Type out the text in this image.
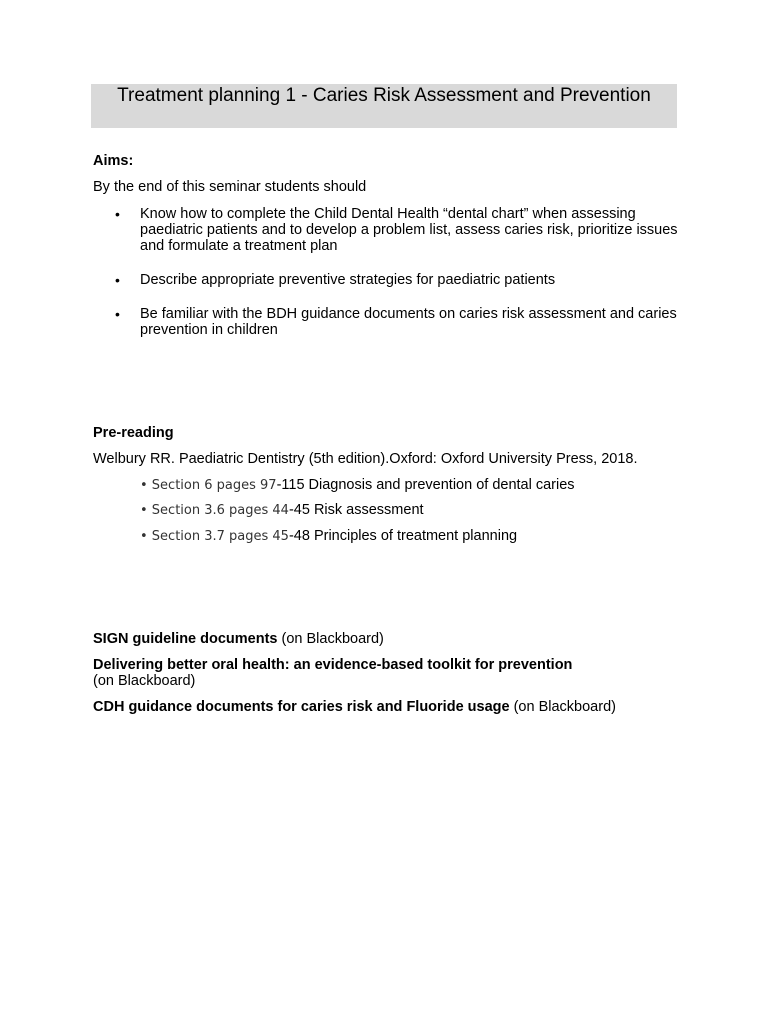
Treatment planning 1 - Caries Risk Assessment and Prevention
Aims:
By the end of this seminar students should
• Know how to complete the Child Dental Health “dental chart” when assessing paediatric patients and to develop a problem list, assess caries risk, prioritize issues and formulate a treatment plan
• Describe appropriate preventive strategies for paediatric patients
• Be familiar with the BDH guidance documents on caries risk assessment and caries prevention in children
Pre-reading
Welbury RR. Paediatric Dentistry (5th edition).Oxford: Oxford University Press, 2018.
• Section 6 pages 97-115 Diagnosis and prevention of dental caries
• Section 3.6 pages 44-45 Risk assessment
• Section 3.7 pages 45-48 Principles of treatment planning
SIGN guideline documents (on Blackboard)
Delivering better oral health: an evidence-based toolkit for prevention
(on Blackboard)
CDH guidance documents for caries risk and Fluoride usage (on Blackboard)
